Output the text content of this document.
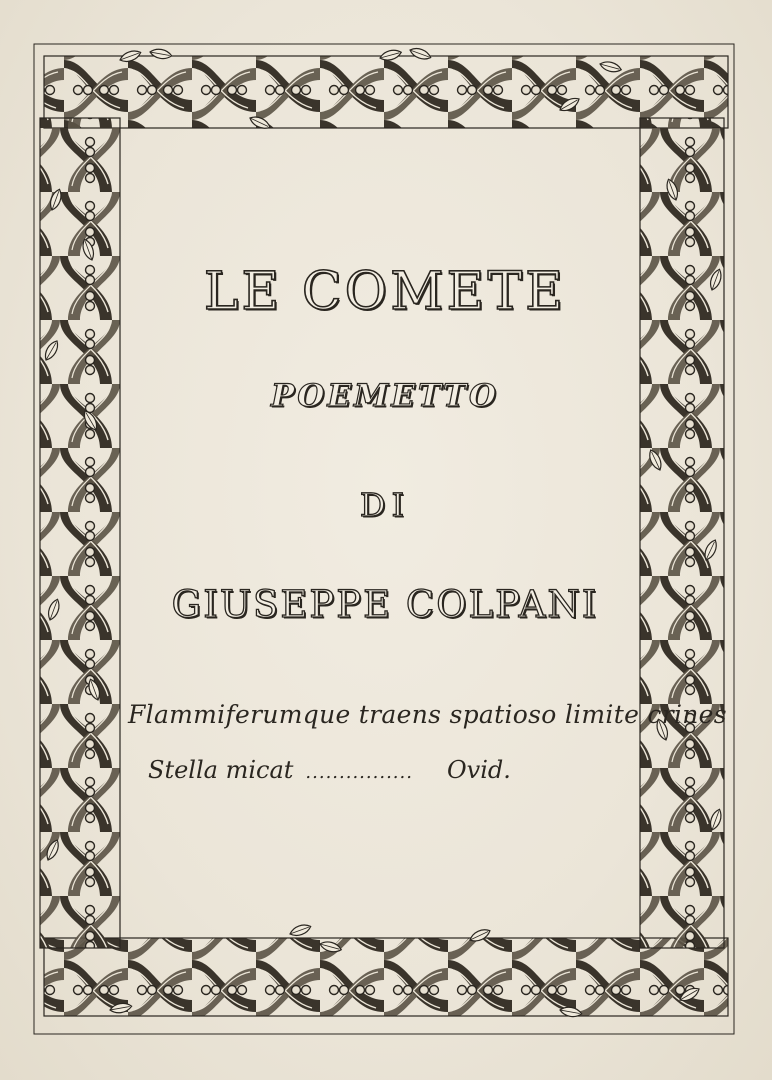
LE COMETE
POEMETTO
DI
GIUSEPPE COLPANI
Flammiferumque traens spatioso limite crines
Stella micat ................ Ovid.
